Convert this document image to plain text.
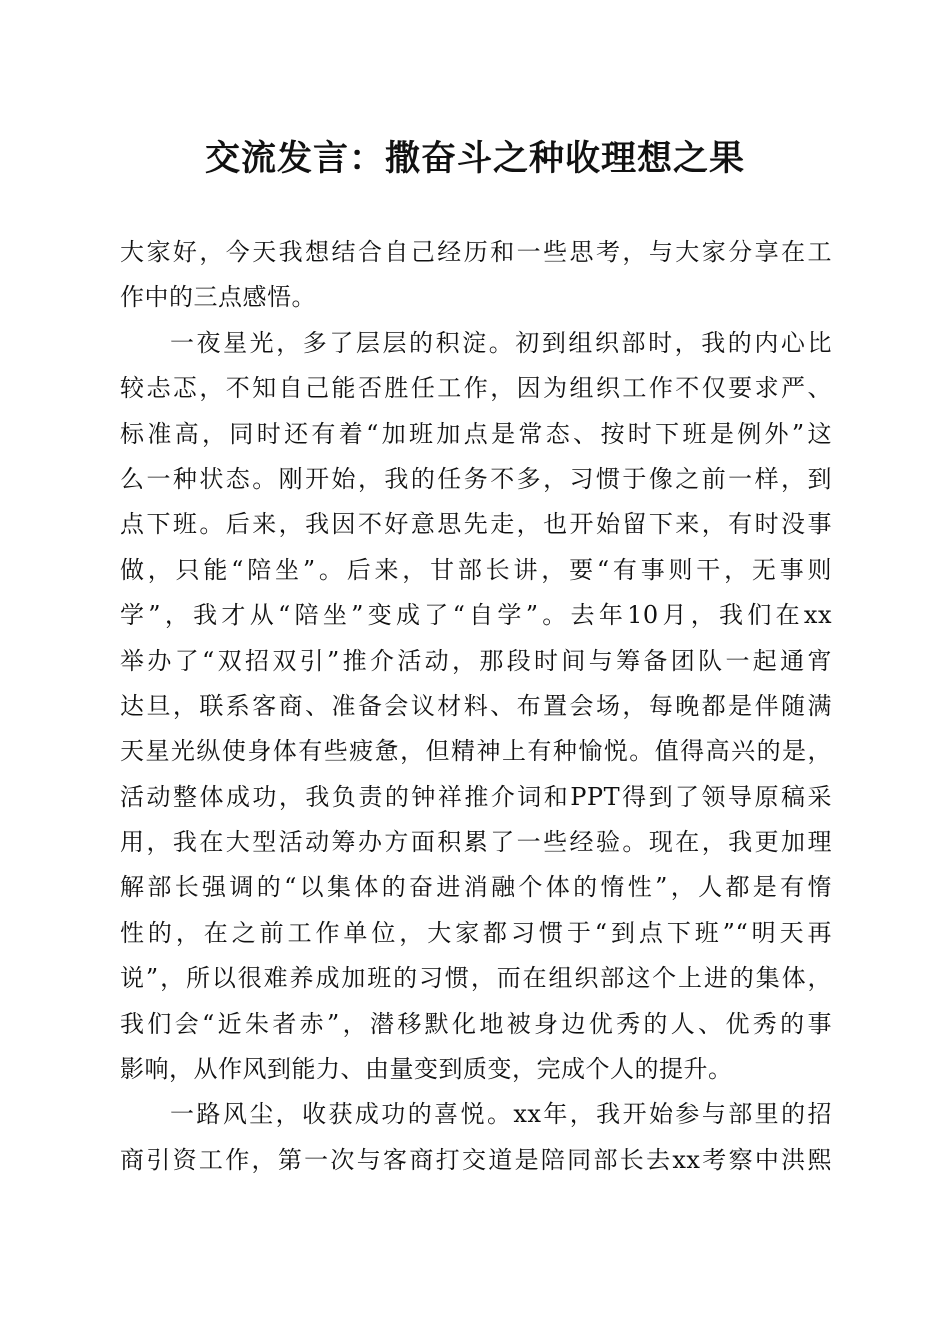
交流发言：撒奋斗之种收理想之果
大家好，今天我想结合自己经历和一些思考，与大家分享在工
作中的三点感悟。
一夜星光，多了层层的积淀。初到组织部时，我的内心比
较忐忑，不知自己能否胜任工作，因为组织工作不仅要求严、
标准高，同时还有着“加班加点是常态、按时下班是例外”这
么一种状态。刚开始，我的任务不多，习惯于像之前一样，到
点下班。后来，我因不好意思先走，也开始留下来，有时没事
做，只能“陪坐”。后来，甘部长讲，要“有事则干，无事则
学”，我才从“陪坐”变成了“自学”。去年10月，我们在xx
举办了“双招双引”推介活动，那段时间与筹备团队一起通宵
达旦，联系客商、准备会议材料、布置会场，每晚都是伴随满
天星光纵使身体有些疲惫，但精神上有种愉悦。值得高兴的是，
活动整体成功，我负责的钟祥推介词和PPT得到了领导原稿采
用，我在大型活动筹办方面积累了一些经验。现在，我更加理
解部长强调的“以集体的奋进消融个体的惰性”，人都是有惰
性的，在之前工作单位，大家都习惯于“到点下班”“明天再
说”，所以很难养成加班的习惯，而在组织部这个上进的集体，
我们会“近朱者赤”，潜移默化地被身边优秀的人、优秀的事
影响，从作风到能力、由量变到质变，完成个人的提升。
一路风尘，收获成功的喜悦。xx年，我开始参与部里的招
商引资工作，第一次与客商打交道是陪同部长去xx考察中洪熙
